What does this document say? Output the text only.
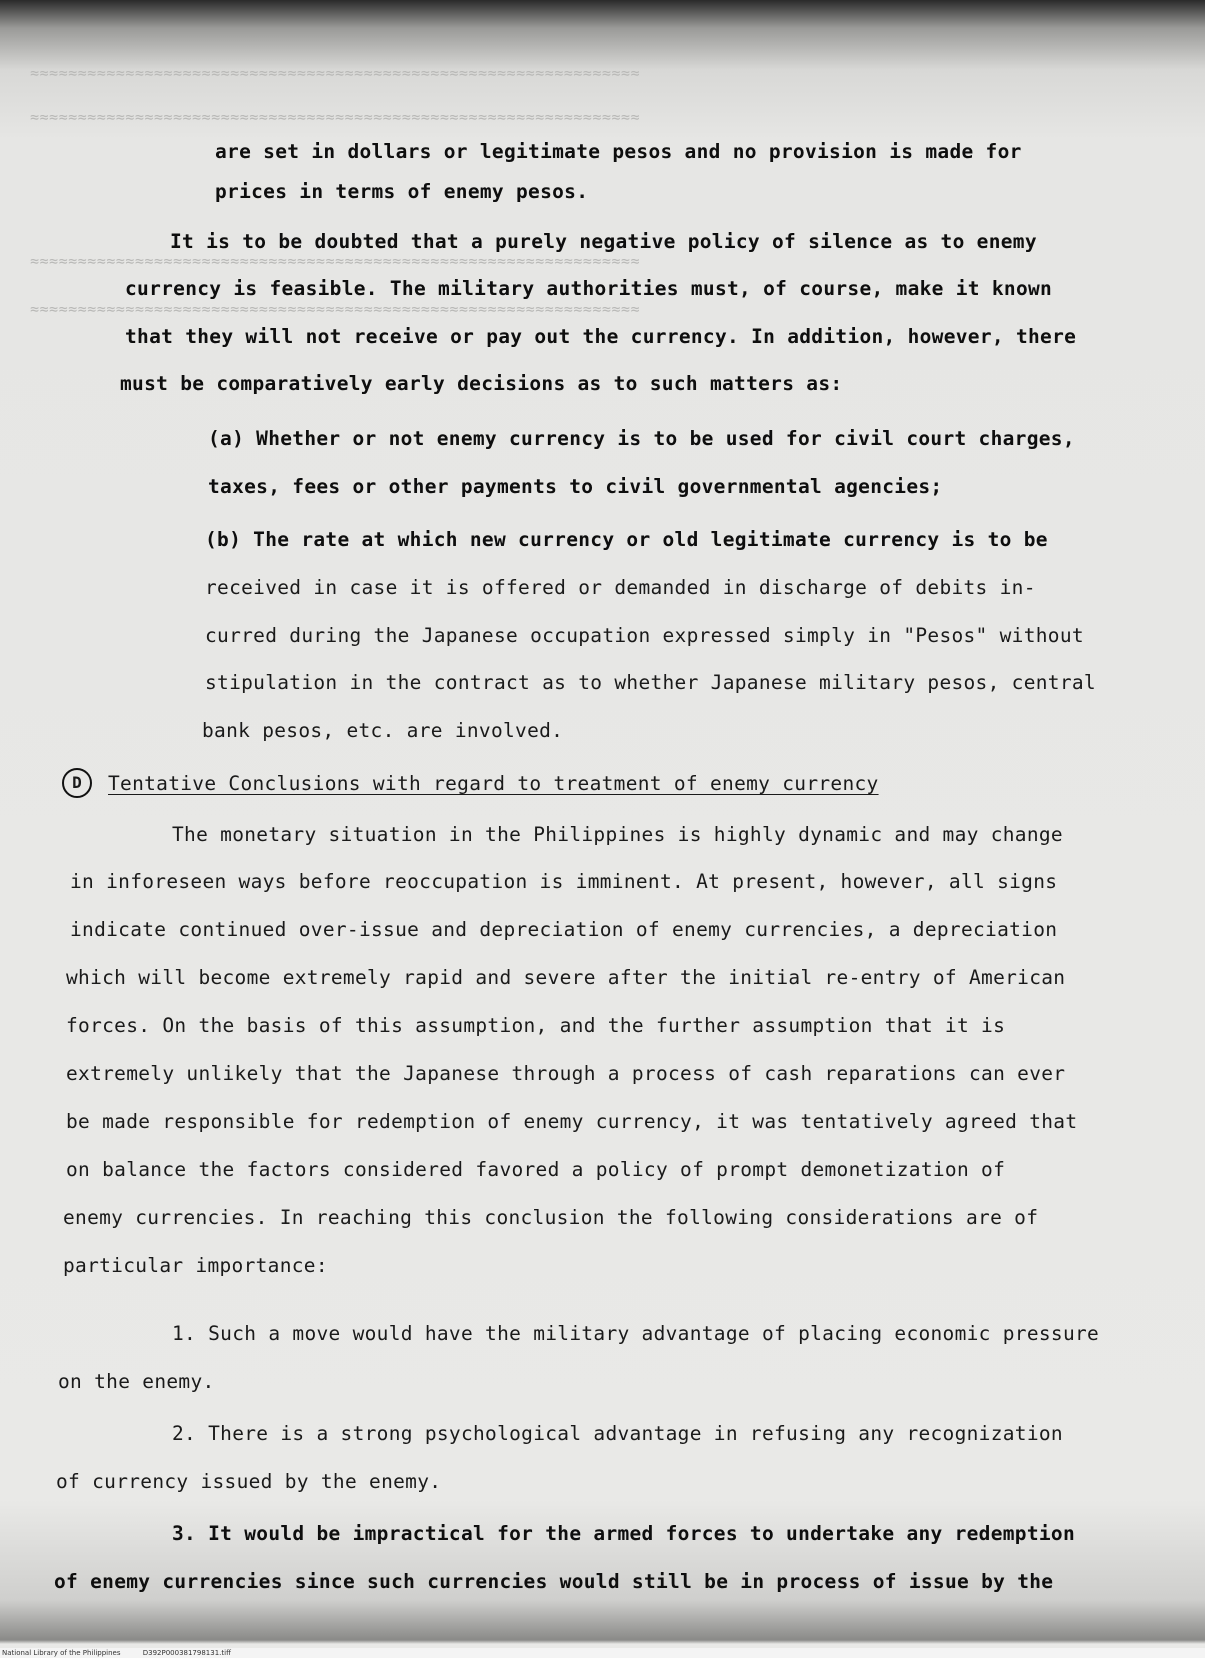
≈≈≈≈≈≈≈≈≈≈≈≈≈≈≈≈≈≈≈≈≈≈≈≈≈≈≈≈≈≈≈≈≈≈≈≈≈≈≈≈≈≈≈≈≈≈≈≈≈≈≈≈≈≈≈≈≈≈≈≈≈≈≈≈
≈≈≈≈≈≈≈≈≈≈≈≈≈≈≈≈≈≈≈≈≈≈≈≈≈≈≈≈≈≈≈≈≈≈≈≈≈≈≈≈≈≈≈≈≈≈≈≈≈≈≈≈≈≈≈≈≈≈≈≈≈≈≈≈
≈≈≈≈≈≈≈≈≈≈≈≈≈≈≈≈≈≈≈≈≈≈≈≈≈≈≈≈≈≈≈≈≈≈≈≈≈≈≈≈≈≈≈≈≈≈≈≈≈≈≈≈≈≈≈≈≈≈≈≈≈≈≈≈
≈≈≈≈≈≈≈≈≈≈≈≈≈≈≈≈≈≈≈≈≈≈≈≈≈≈≈≈≈≈≈≈≈≈≈≈≈≈≈≈≈≈≈≈≈≈≈≈≈≈≈≈≈≈≈≈≈≈≈≈≈≈≈≈
are set in dollars or legitimate pesos and no provision is made for
prices in terms of enemy pesos.
It is to be doubted that a purely negative policy of silence as to enemy
currency is feasible. The military authorities must, of course, make it known
that they will not receive or pay out the currency. In addition, however, there
must be comparatively early decisions as to such matters as:
(a) Whether or not enemy currency is to be used for civil court charges,
taxes, fees or other payments to civil governmental agencies;
(b) The rate at which new currency or old legitimate currency is to be
received in case it is offered or demanded in discharge of debits in-
curred during the Japanese occupation expressed simply in "Pesos" without
stipulation in the contract as to whether Japanese military pesos, central
bank pesos, etc. are involved.
D	Tentative Conclusions with regard to treatment of enemy currency
The monetary situation in the Philippines is highly dynamic and may change
in inforeseen ways before reoccupation is imminent. At present, however, all signs
indicate continued over-issue and depreciation of enemy currencies, a depreciation
which will become extremely rapid and severe after the initial re-entry of American
forces. On the basis of this assumption, and the further assumption that it is
extremely unlikely that the Japanese through a process of cash reparations can ever
be made responsible for redemption of enemy currency, it was tentatively agreed that
on balance the factors considered favored a policy of prompt demonetization of
enemy currencies. In reaching this conclusion the following considerations are of
particular importance:
1. Such a move would have the military advantage of placing economic pressure
on the enemy.
2. There is a strong psychological advantage in refusing any recognization
of currency issued by the enemy.
3. It would be impractical for the armed forces to undertake any redemption
of enemy currencies since such currencies would still be in process of issue by the
National Library of the Philippines	D392P000381798131.tiff
